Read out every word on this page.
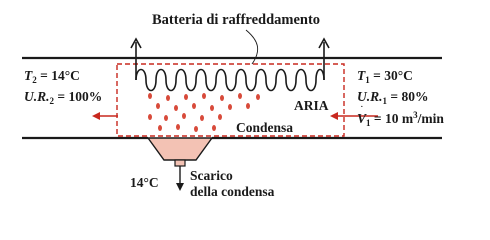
Batteria di raffreddamento
$T_2 = 14^\circ C$
$U.R._2 = 100\%$
$T_1 = 30^\circ C$
$U.R._1 = 80\%$
$V_1 = 10$ $m^3/\min$
·
ARIA
Condensa
14°C Scarico
della condensa
